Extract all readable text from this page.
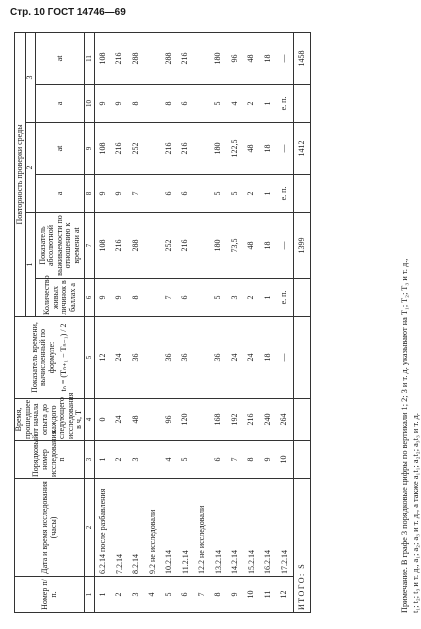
Стр. 10 ГОСТ 14746—69
Номер п/п.	Дата и время исследования (часы)	Порядковый номер исследования n	Время, прошедшее от начала опыта до каждого следующего исследования в ч, T	Показатель времени, вычисленный по формуле: tₙ = (Tₙ₊₁ − Tₙ₋₁) / 2	Повторность проверки среды					
					1		2		3	
					Количество живых личинок в баллах a	Показатель абсолютной выживаемости по отношению к времени at	a	at	a	at
1	2	3	4	5	6	7	8	9	10	11
1	6.2.14 после разбавления	1	0	12	9	108	9	108	9	108
2	7.2.14	2	24	24	9	216	9	216	9	216
3	8.2.14	3	48	36	8	288	7	252	8	288
4	9.2 не исследовали									
5	10.2.14	4	96	36	7	252	6	216	8	288
6	11.2.14	5	120	36	6	216	6	216	6	216
7	12.2 не исследовали									
8	13.2.14	6	168	36	5	180	5	180	5	180
9	14.2.14	7	192	24	3	73,5	5	122,5	4	96
10	15.2.14	8	216	24	2	48	2	48	2	48
11	16.2.14	9	240	18	1	18	1	18	1	18
12	17.2.14	10	264	—	е. п.	—	е. п.	—	е. п.	—
ИТОГО: S						1399		1412		1458

Примечание. В графе 3 порядковые цифры по вертикали 1; 2; 3 и т. д. указывают на T₁; T₂; T₃ и т. д., t₁; t₂; t₃ и т. д., a₁; a₂; a₃ и т. д., а также a₁t₁; a₂t₂; a₃t₃ и т. д.
